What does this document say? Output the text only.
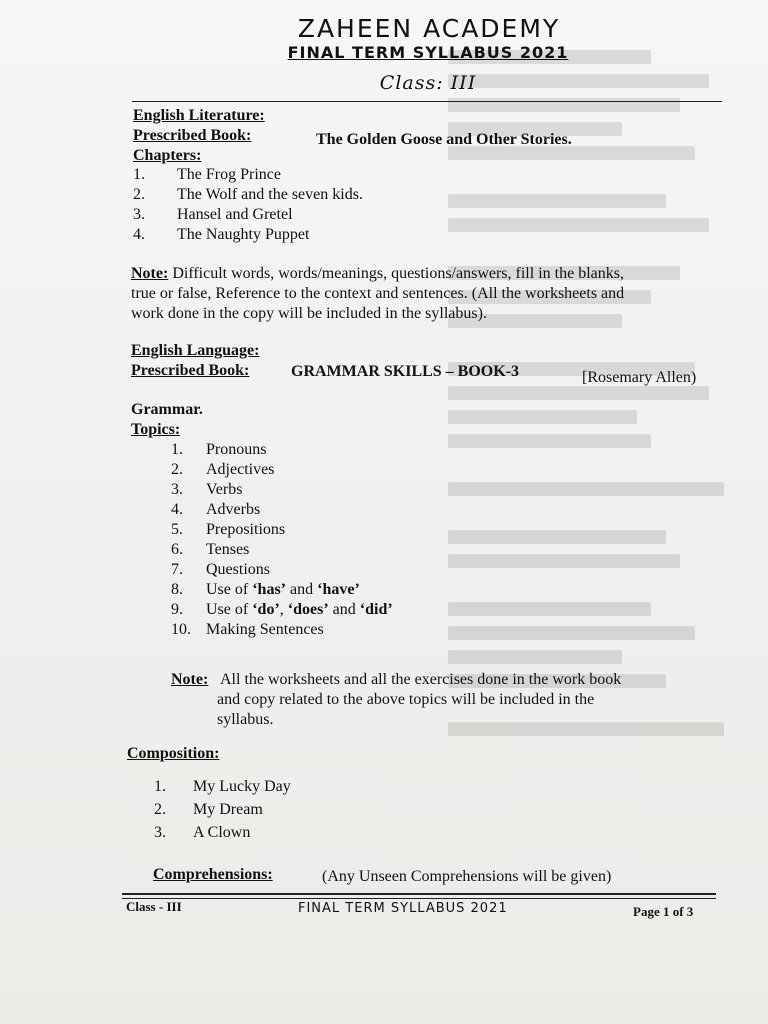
ZAHEEN ACADEMY
FINAL TERM SYLLABUS 2021
Class: III
English Literature:
Prescribed Book:	The Golden Goose and Other Stories.
Chapters:
1. The Frog Prince
2. The Wolf and the seven kids.
3. Hansel and Gretel
4. The Naughty Puppet
Note: Difficult words, words/meanings, questions/answers, fill in the blanks,
true or false, Reference to the context and sentences. (All the worksheets and
work done in the copy will be included in the syllabus).
English Language:
Prescribed Book:	GRAMMAR SKILLS – BOOK-3	[Rosemary Allen)
Grammar.
Topics:
1. Pronouns
2. Adjectives
3. Verbs
4. Adverbs
5. Prepositions
6. Tenses
7. Questions
8. Use of ‘has’ and ‘have’
9. Use of ‘do’, ‘does’ and ‘did’
10. Making Sentences
Note: All the worksheets and all the exercises done in the work book
and copy related to the above topics will be included in the
syllabus.
Composition:
1. My Lucky Day
2. My Dream
3. A Clown
Comprehensions:	(Any Unseen Comprehensions will be given)
Class - III	FINAL TERM SYLLABUS 2021	Page 1 of 3
